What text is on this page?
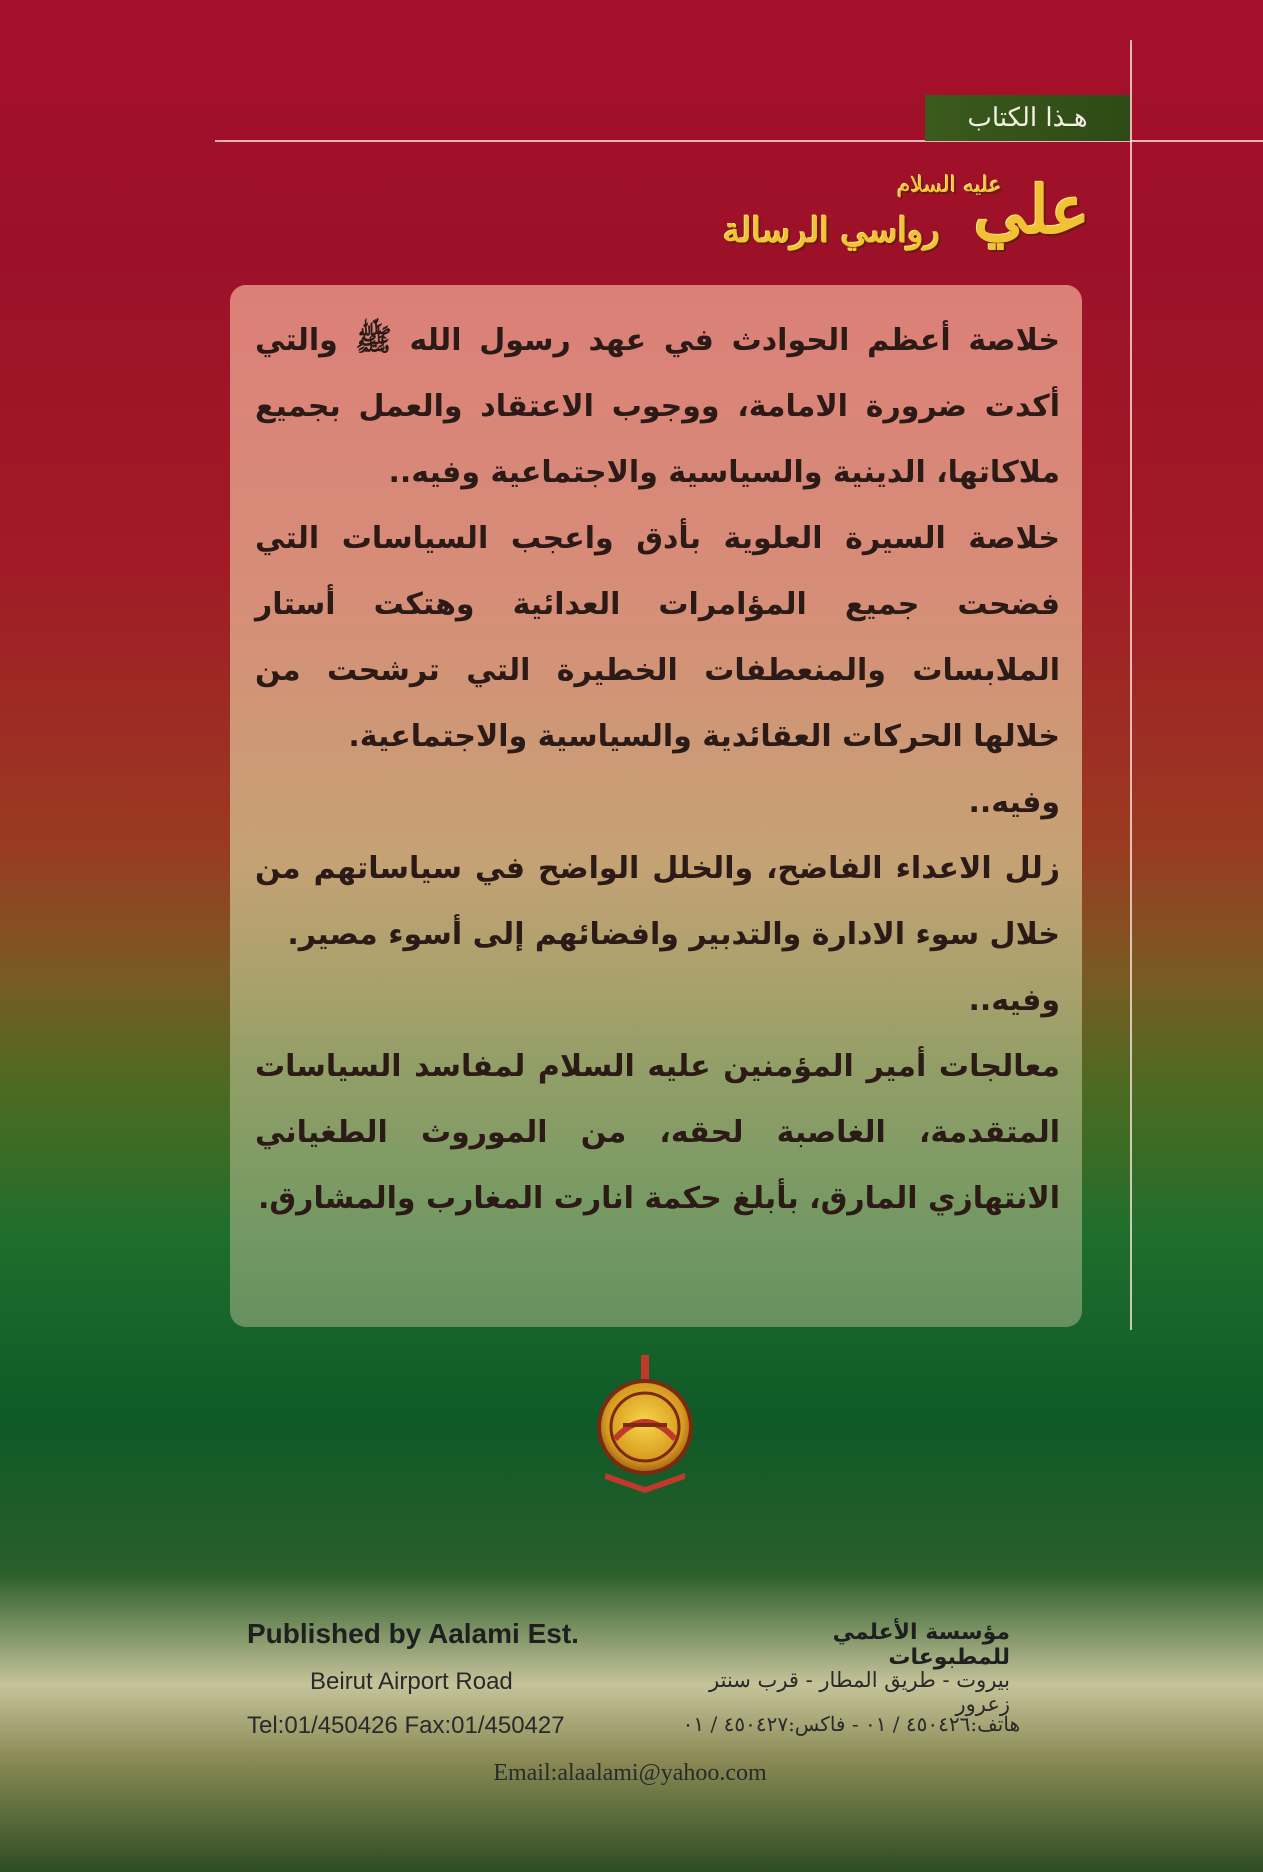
هـذا الكتاب
علي
عليه السلام
رواسي الرسالة
خلاصة أعظم الحوادث في عهد رسول الله ﷺ والتي
أكدت ضرورة الامامة، ووجوب الاعتقاد والعمل بجميع
ملاكاتها، الدينية والسياسية والاجتماعية وفيه..
خلاصة السيرة العلوية بأدق واعجب السياسات التي
فضحت جميع المؤامرات العدائية وهتكت أستار
الملابسات والمنعطفات الخطيرة التي ترشحت من
خلالها الحركات العقائدية والسياسية والاجتماعية.
وفيه..
زلل الاعداء الفاضح، والخلل الواضح في سياساتهم من
خلال سوء الادارة والتدبير وافضائهم إلى أسوء مصير.
وفيه..
معالجات أمير المؤمنين عليه السلام لمفاسد السياسات
المتقدمة، الغاصبة لحقه، من الموروث الطغياني
الانتهازي المارق، بأبلغ حكمة انارت المغارب والمشارق.
Published by Aalami Est.
Beirut Airport Road
Tel:01/450426 Fax:01/450427
مؤسسة الأعلمي للمطبوعات
بيروت - طريق المطار - قرب سنتر زعرور
هاتف:٤٥٠٤٢٦ / ٠١ - فاكس:٤٥٠٤٢٧ / ٠١
Email:alaalami@yahoo.com
